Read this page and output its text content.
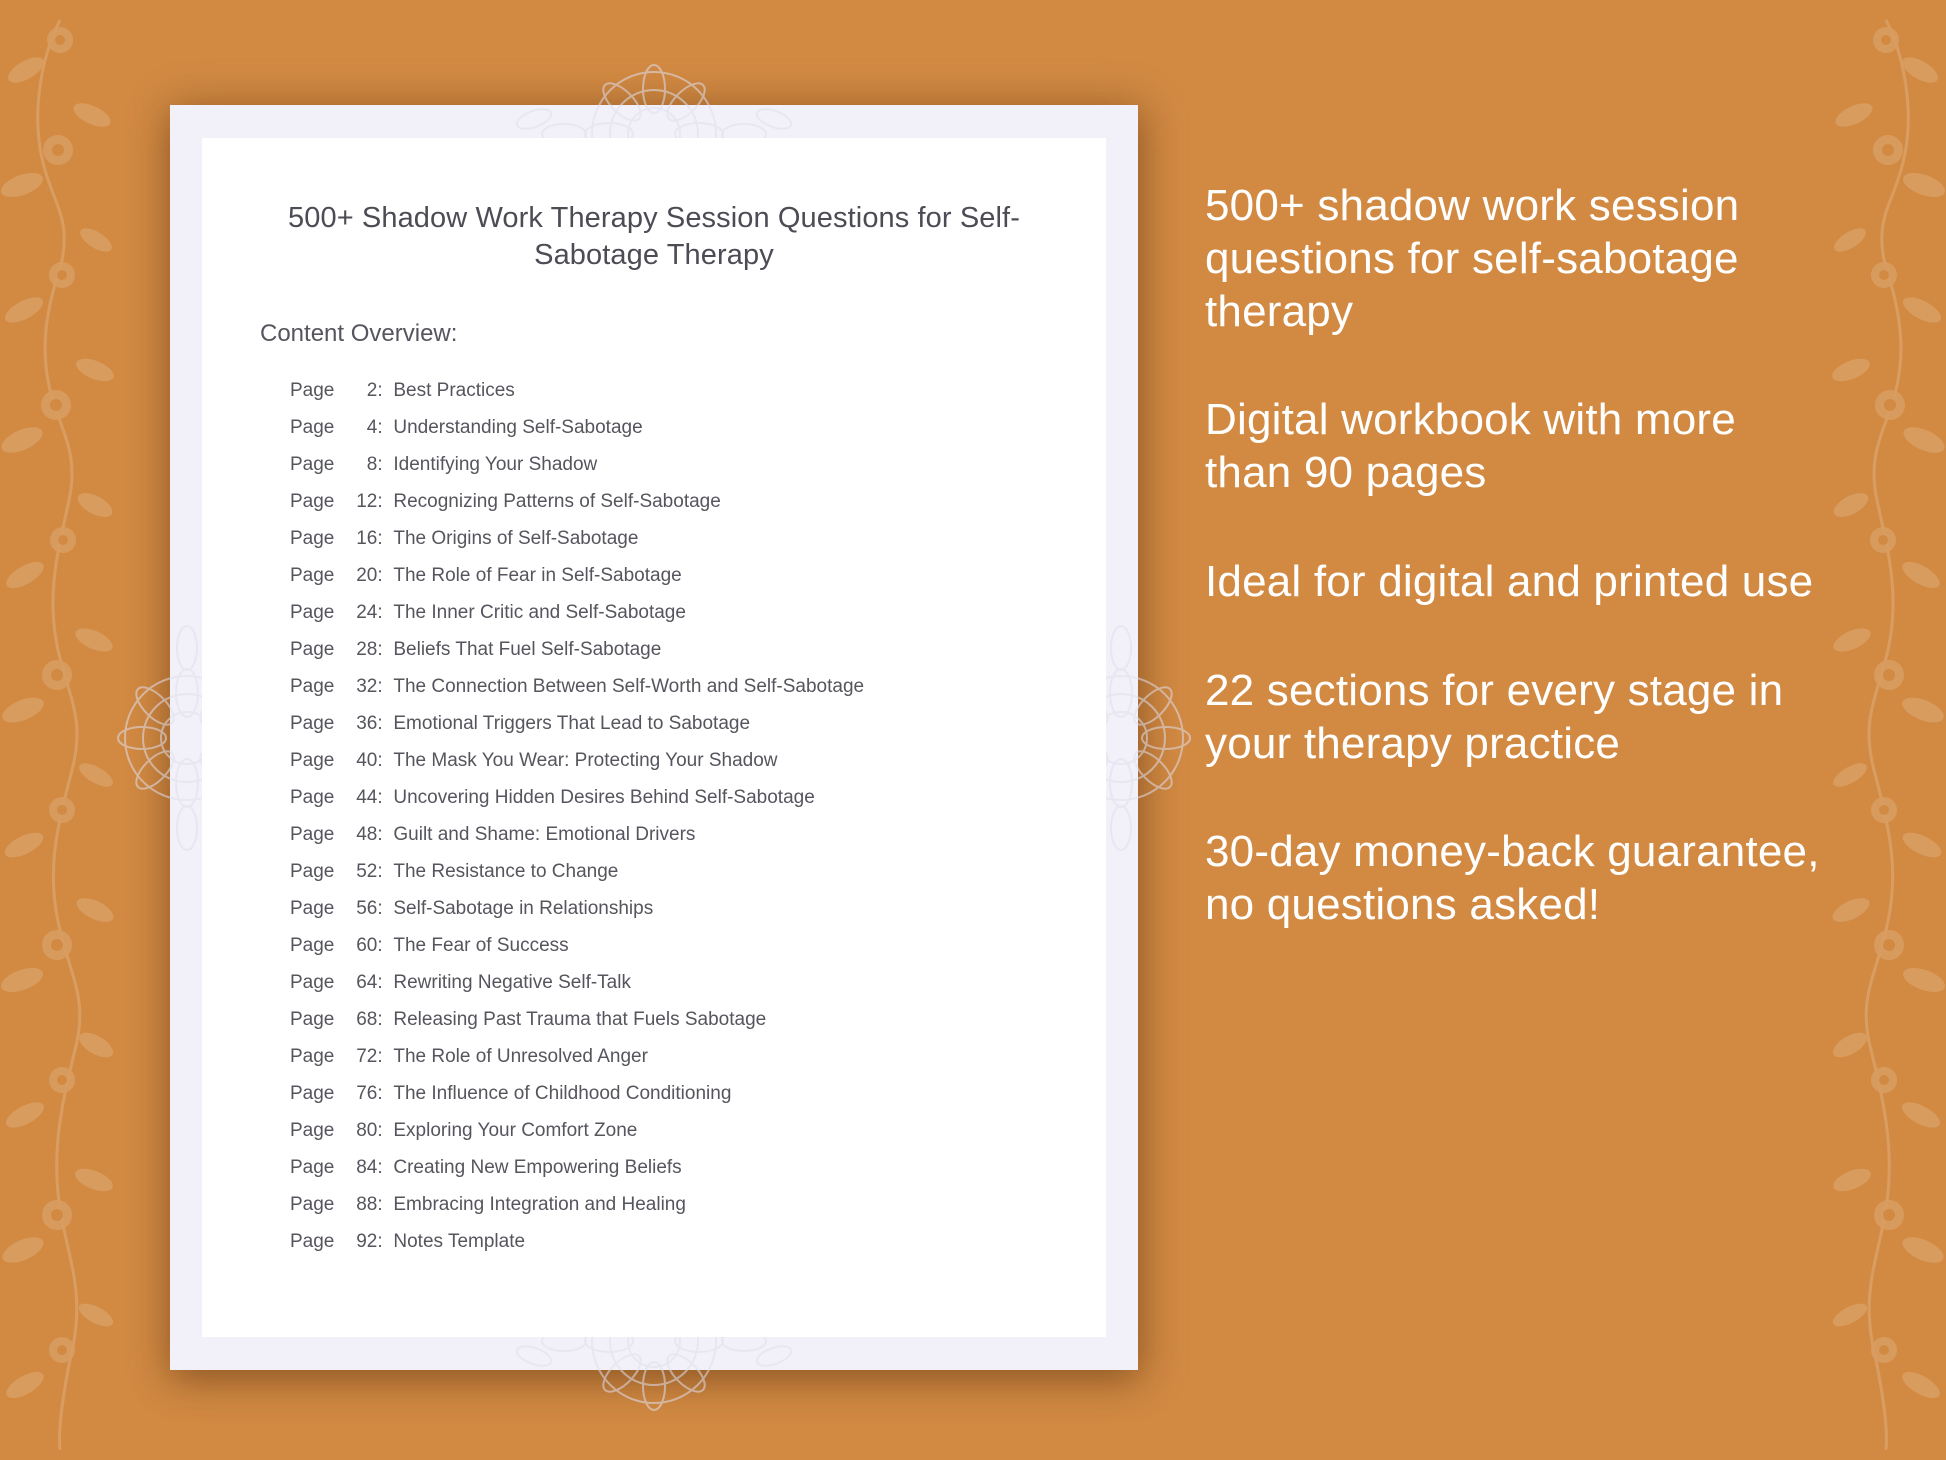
500+ Shadow Work Therapy Session Questions for Self-Sabotage Therapy
Content Overview:
Page	2 : Best Practices
Page	4 : Understanding Self-Sabotage
Page	8 : Identifying Your Shadow
Page	12 : Recognizing Patterns of Self-Sabotage
Page	16 : The Origins of Self-Sabotage
Page	20 : The Role of Fear in Self-Sabotage
Page	24 : The Inner Critic and Self-Sabotage
Page	28 : Beliefs That Fuel Self-Sabotage
Page	32 : The Connection Between Self-Worth and Self-Sabotage
Page	36 : Emotional Triggers That Lead to Sabotage
Page	40 : The Mask You Wear: Protecting Your Shadow
Page	44 : Uncovering Hidden Desires Behind Self-Sabotage
Page	48 : Guilt and Shame: Emotional Drivers
Page	52 : The Resistance to Change
Page	56 : Self-Sabotage in Relationships
Page	60 : The Fear of Success
Page	64 : Rewriting Negative Self-Talk
Page	68 : Releasing Past Trauma that Fuels Sabotage
Page	72 : The Role of Unresolved Anger
Page	76 : The Influence of Childhood Conditioning
Page	80 : Exploring Your Comfort Zone
Page	84 : Creating New Empowering Beliefs
Page	88 : Embracing Integration and Healing
Page	92 : Notes Template

500+ shadow work session questions for self-sabotage therapy

Digital workbook with more than 90 pages

Ideal for digital and printed use

22 sections for every stage in your therapy practice

30-day money-back guarantee, no questions asked!
